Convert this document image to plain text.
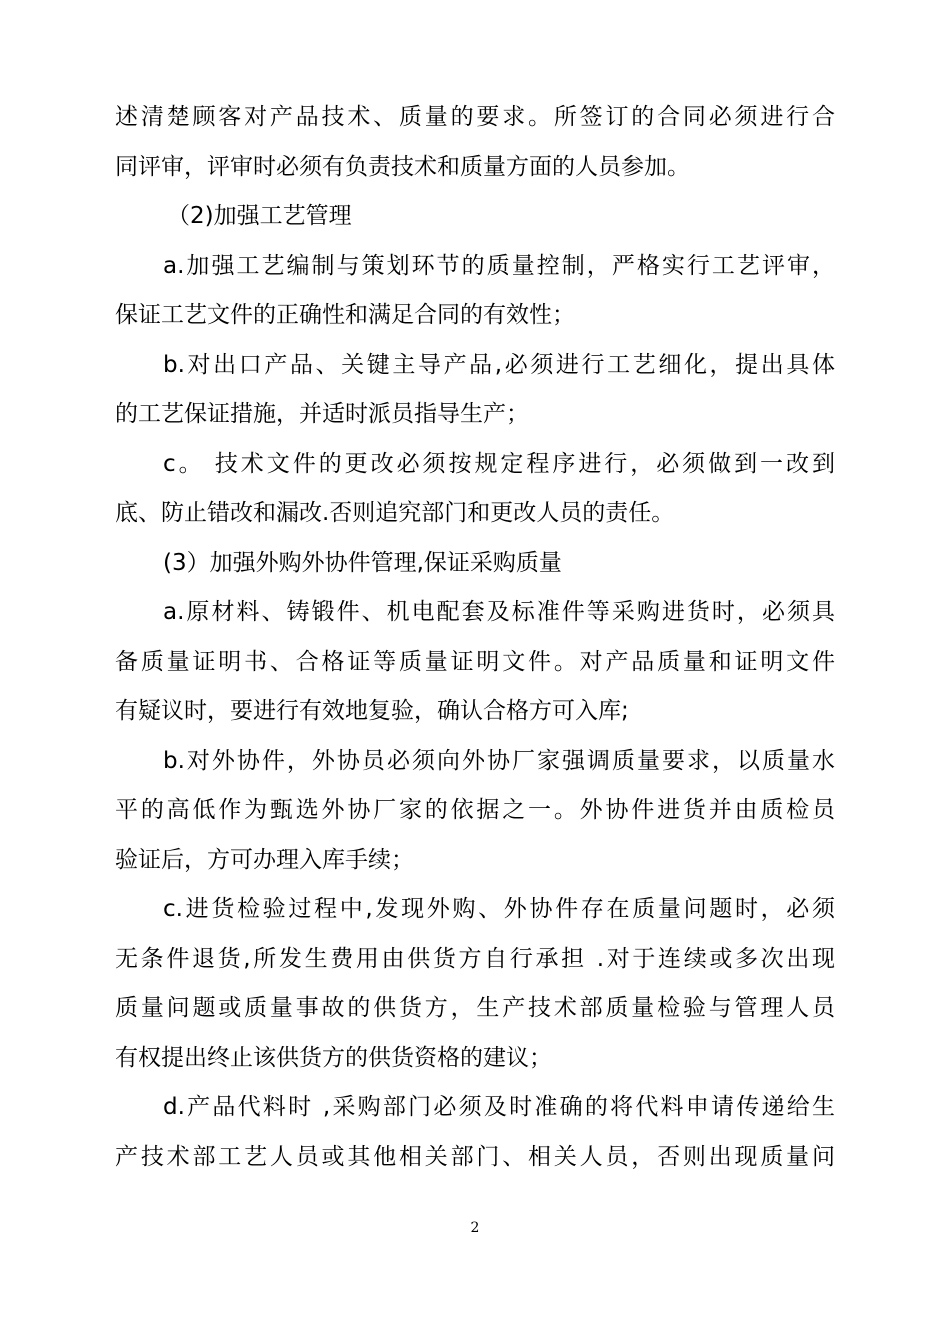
述清楚顾客对产品技术、质量的要求。所签订的合同必须进行合
同评审，评审时必须有负责技术和质量方面的人员参加。
（2)加强工艺管理
a.加强工艺编制与策划环节的质量控制，严格实行工艺评审，
保证工艺文件的正确性和满足合同的有效性；
b.对出口产品、关键主导产品,必须进行工艺细化，提出具体
的工艺保证措施，并适时派员指导生产；
c。 技术文件的更改必须按规定程序进行，必须做到一改到
底、防止错改和漏改.否则追究部门和更改人员的责任。
(3）加强外购外协件管理,保证采购质量
a.原材料、铸锻件、机电配套及标准件等采购进货时，必须具
备质量证明书、合格证等质量证明文件。对产品质量和证明文件
有疑议时，要进行有效地复验，确认合格方可入库;
b.对外协件，外协员必须向外协厂家强调质量要求，以质量水
平的高低作为甄选外协厂家的依据之一。外协件进货并由质检员
验证后，方可办理入库手续；
c.进货检验过程中,发现外购、外协件存在质量问题时，必须
无条件退货,所发生费用由供货方自行承担 .对于连续或多次出现
质量问题或质量事故的供货方，生产技术部质量检验与管理人员
有权提出终止该供货方的供货资格的建议；
d.产品代料时 ,采购部门必须及时准确的将代料申请传递给生
产技术部工艺人员或其他相关部门、相关人员，否则出现质量问
2
